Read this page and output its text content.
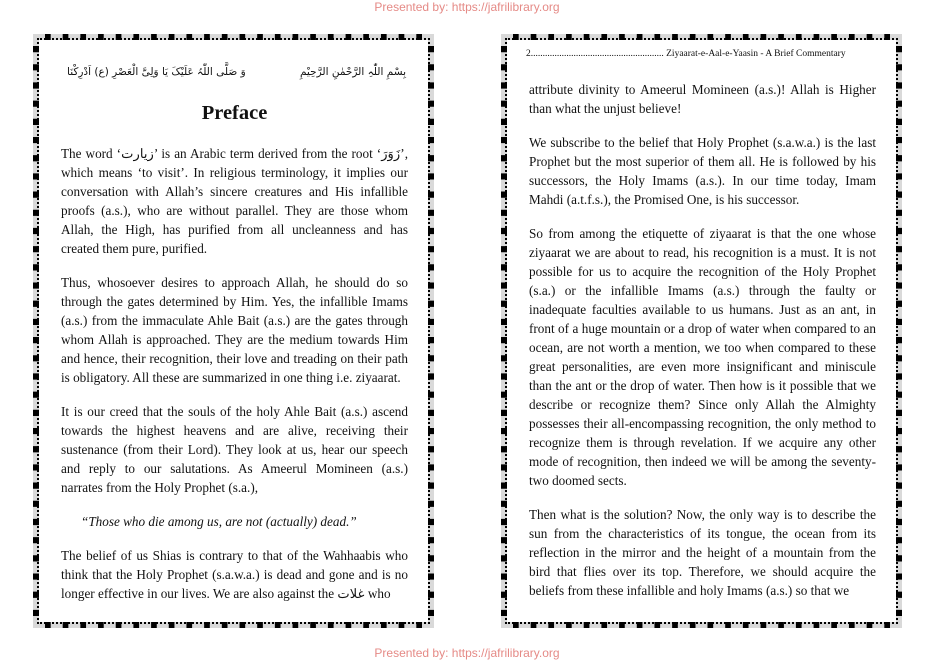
Presented by: https://jafrilibrary.org
وَ صَلَّی اللّٰہُ عَلَیْکَ یَا وَلِیَّ الْعَصْرِ (ع) اَدْرِکْنَا	بِسْمِ اللّٰہِ الرَّحْمٰنِ الرَّحِیْمِ
Preface

The word ‘زیارت’ is an Arabic term derived from the root ‘زَوَرَ’, which means ‘to visit’. In religious terminology, it implies our conversation with Allah’s sincere creatures and His infallible proofs (a.s.), who are without parallel. They are those whom Allah, the High, has purified from all uncleanness and has created them pure, purified.

Thus, whosoever desires to approach Allah, he should do so through the gates determined by Him. Yes, the infallible Imams (a.s.) from the immaculate Ahle Bait (a.s.) are the gates through whom Allah is approached. They are the medium towards Him and hence, their recognition, their love and treading on their path is obligatory. All these are summarized in one thing i.e. ziyaarat.

It is our creed that the souls of the holy Ahle Bait (a.s.) ascend towards the highest heavens and are alive, receiving their sustenance (from their Lord). They look at us, hear our speech and reply to our salutations. As Ameerul Momineen (a.s.) narrates from the Holy Prophet (s.a.),

“Those who die among us, are not (actually) dead.”

The belief of us Shias is contrary to that of the Wahhaabis who think that the Holy Prophet (s.a.w.a.) is dead and gone and is no longer effective in our lives. We are also against the غلات who

2........................................................ Ziyaarat-e-Aal-e-Yaasin - A Brief Commentary

attribute divinity to Ameerul Momineen (a.s.)! Allah is Higher than what the unjust believe!

We subscribe to the belief that Holy Prophet (s.a.w.a.) is the last Prophet but the most superior of them all. He is followed by his successors, the Holy Imams (a.s.). In our time today, Imam Mahdi (a.t.f.s.), the Promised One, is his successor.

So from among the etiquette of ziyaarat is that the one whose ziyaarat we are about to read, his recognition is a must. It is not possible for us to acquire the recognition of the Holy Prophet (s.a.) or the infallible Imams (a.s.) through the faulty or inadequate faculties available to us humans. Just as an ant, in front of a huge mountain or a drop of water when compared to an ocean, are not worth a mention, we too when compared to these great personalities, are even more insignificant and miniscule than the ant or the drop of water. Then how is it possible that we describe or recognize them? Since only Allah the Almighty possesses their all-encompassing recognition, the only method to recognize them is through revelation. If we acquire any other mode of recognition, then indeed we will be among the seventy-two doomed sects.

Then what is the solution? Now, the only way is to describe the sun from the characteristics of its tongue, the ocean from its reflection in the mirror and the height of a mountain from the bird that flies over its top. Therefore, we should acquire the beliefs from these infallible and holy Imams (a.s.) so that we

Presented by: https://jafrilibrary.org
